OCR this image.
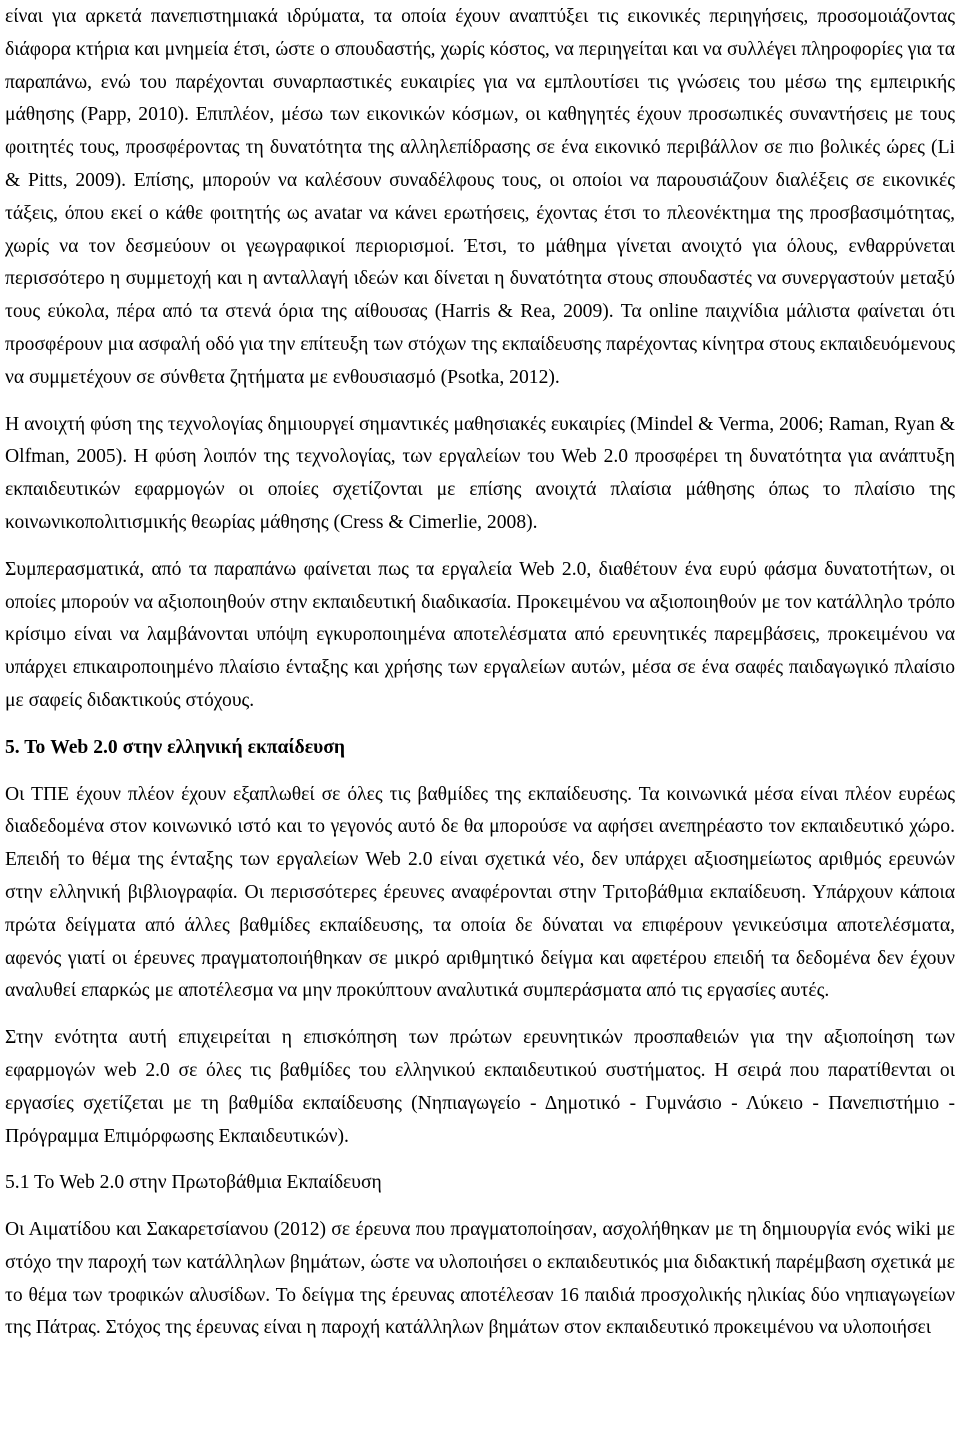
είναι για αρκετά πανεπιστημιακά ιδρύματα, τα οποία έχουν αναπτύξει τις εικονικές περιηγήσεις, προσομοιάζοντας διάφορα κτήρια και μνημεία έτσι, ώστε ο σπουδαστής, χωρίς κόστος, να περιηγείται και να συλλέγει πληροφορίες για τα παραπάνω, ενώ του παρέχονται συναρπαστικές ευκαιρίες για να εμπλουτίσει τις γνώσεις του μέσω της εμπειρικής μάθησης (Papp, 2010). Επιπλέον, μέσω των εικονικών κόσμων, οι καθηγητές έχουν προσωπικές συναντήσεις με τους φοιτητές τους, προσφέροντας τη δυνατότητα της αλληλεπίδρασης σε ένα εικονικό περιβάλλον σε πιο βολικές ώρες (Li & Pitts, 2009). Επίσης, μπορούν να καλέσουν συναδέλφους τους, οι οποίοι να παρουσιάζουν διαλέξεις σε εικονικές τάξεις, όπου εκεί ο κάθε φοιτητής ως avatar να κάνει ερωτήσεις, έχοντας έτσι το πλεονέκτημα της προσβασιμότητας, χωρίς να τον δεσμεύουν οι γεωγραφικοί περιορισμοί. Έτσι, το μάθημα γίνεται ανοιχτό για όλους, ενθαρρύνεται περισσότερο η συμμετοχή και η ανταλλαγή ιδεών και δίνεται η δυνατότητα στους σπουδαστές να συνεργαστούν μεταξύ τους εύκολα, πέρα από τα στενά όρια της αίθουσας (Harris & Rea, 2009). Τα online παιχνίδια μάλιστα φαίνεται ότι προσφέρουν μια ασφαλή οδό για την επίτευξη των στόχων της εκπαίδευσης παρέχοντας κίνητρα στους εκπαιδευόμενους να συμμετέχουν σε σύνθετα ζητήματα με ενθουσιασμό (Psotka, 2012).

Η ανοιχτή φύση της τεχνολογίας δημιουργεί σημαντικές μαθησιακές ευκαιρίες (Mindel & Verma, 2006; Raman, Ryan & Olfman, 2005). Η φύση λοιπόν της τεχνολογίας, των εργαλείων του Web 2.0 προσφέρει τη δυνατότητα για ανάπτυξη εκπαιδευτικών εφαρμογών οι οποίες σχετίζονται με επίσης ανοιχτά πλαίσια μάθησης όπως το πλαίσιο της κοινωνικοπολιτισμικής θεωρίας μάθησης (Cress & Cimerlie, 2008).

Συμπερασματικά, από τα παραπάνω φαίνεται πως τα εργαλεία Web 2.0, διαθέτουν ένα ευρύ φάσμα δυνατοτήτων, οι οποίες μπορούν να αξιοποιηθούν στην εκπαιδευτική διαδικασία. Προκειμένου να αξιοποιηθούν με τον κατάλληλο τρόπο κρίσιμο είναι να λαμβάνονται υπόψη εγκυροποιημένα αποτελέσματα από ερευνητικές παρεμβάσεις, προκειμένου να υπάρχει επικαιροποιημένο πλαίσιο ένταξης και χρήσης των εργαλείων αυτών, μέσα σε ένα σαφές παιδαγωγικό πλαίσιο με σαφείς διδακτικούς στόχους.

5. Το Web 2.0 στην ελληνική εκπαίδευση

Οι ΤΠΕ έχουν πλέον έχουν εξαπλωθεί σε όλες τις βαθμίδες της εκπαίδευσης. Τα κοινωνικά μέσα είναι πλέον ευρέως διαδεδομένα στον κοινωνικό ιστό και το γεγονός αυτό δε θα μπορούσε να αφήσει ανεπηρέαστο τον εκπαιδευτικό χώρο. Επειδή το θέμα της ένταξης των εργαλείων Web 2.0 είναι σχετικά νέο, δεν υπάρχει αξιοσημείωτος αριθμός ερευνών στην ελληνική βιβλιογραφία. Οι περισσότερες έρευνες αναφέρονται στην Τριτοβάθμια εκπαίδευση. Υπάρχουν κάποια πρώτα δείγματα από άλλες βαθμίδες εκπαίδευσης, τα οποία δε δύναται να επιφέρουν γενικεύσιμα αποτελέσματα, αφενός γιατί οι έρευνες πραγματοποιήθηκαν σε μικρό αριθμητικό δείγμα και αφετέρου επειδή τα δεδομένα δεν έχουν αναλυθεί επαρκώς με αποτέλεσμα να μην προκύπτουν αναλυτικά συμπεράσματα από τις εργασίες αυτές.

Στην ενότητα αυτή επιχειρείται η επισκόπηση των πρώτων ερευνητικών προσπαθειών για την αξιοποίηση των εφαρμογών web 2.0 σε όλες τις βαθμίδες του ελληνικού εκπαιδευτικού συστήματος. Η σειρά που παρατίθενται οι εργασίες σχετίζεται με τη βαθμίδα εκπαίδευσης (Νηπιαγωγείο - Δημοτικό - Γυμνάσιο - Λύκειο - Πανεπιστήμιο - Πρόγραμμα Επιμόρφωσης Εκπαιδευτικών).

5.1 Το Web 2.0 στην Πρωτοβάθμια Εκπαίδευση

Οι Αιματίδου και Σακαρετσίανου (2012) σε έρευνα που πραγματοποίησαν, ασχολήθηκαν με τη δημιουργία ενός wiki με στόχο την παροχή των κατάλληλων βημάτων, ώστε να υλοποιήσει ο εκπαιδευτικός μια διδακτική παρέμβαση σχετικά με το θέμα των τροφικών αλυσίδων. Το δείγμα της έρευνας αποτέλεσαν 16 παιδιά προσχολικής ηλικίας δύο νηπιαγωγείων της Πάτρας. Στόχος της έρευνας είναι η παροχή κατάλληλων βημάτων στον εκπαιδευτικό προκειμένου να υλοποιήσει
